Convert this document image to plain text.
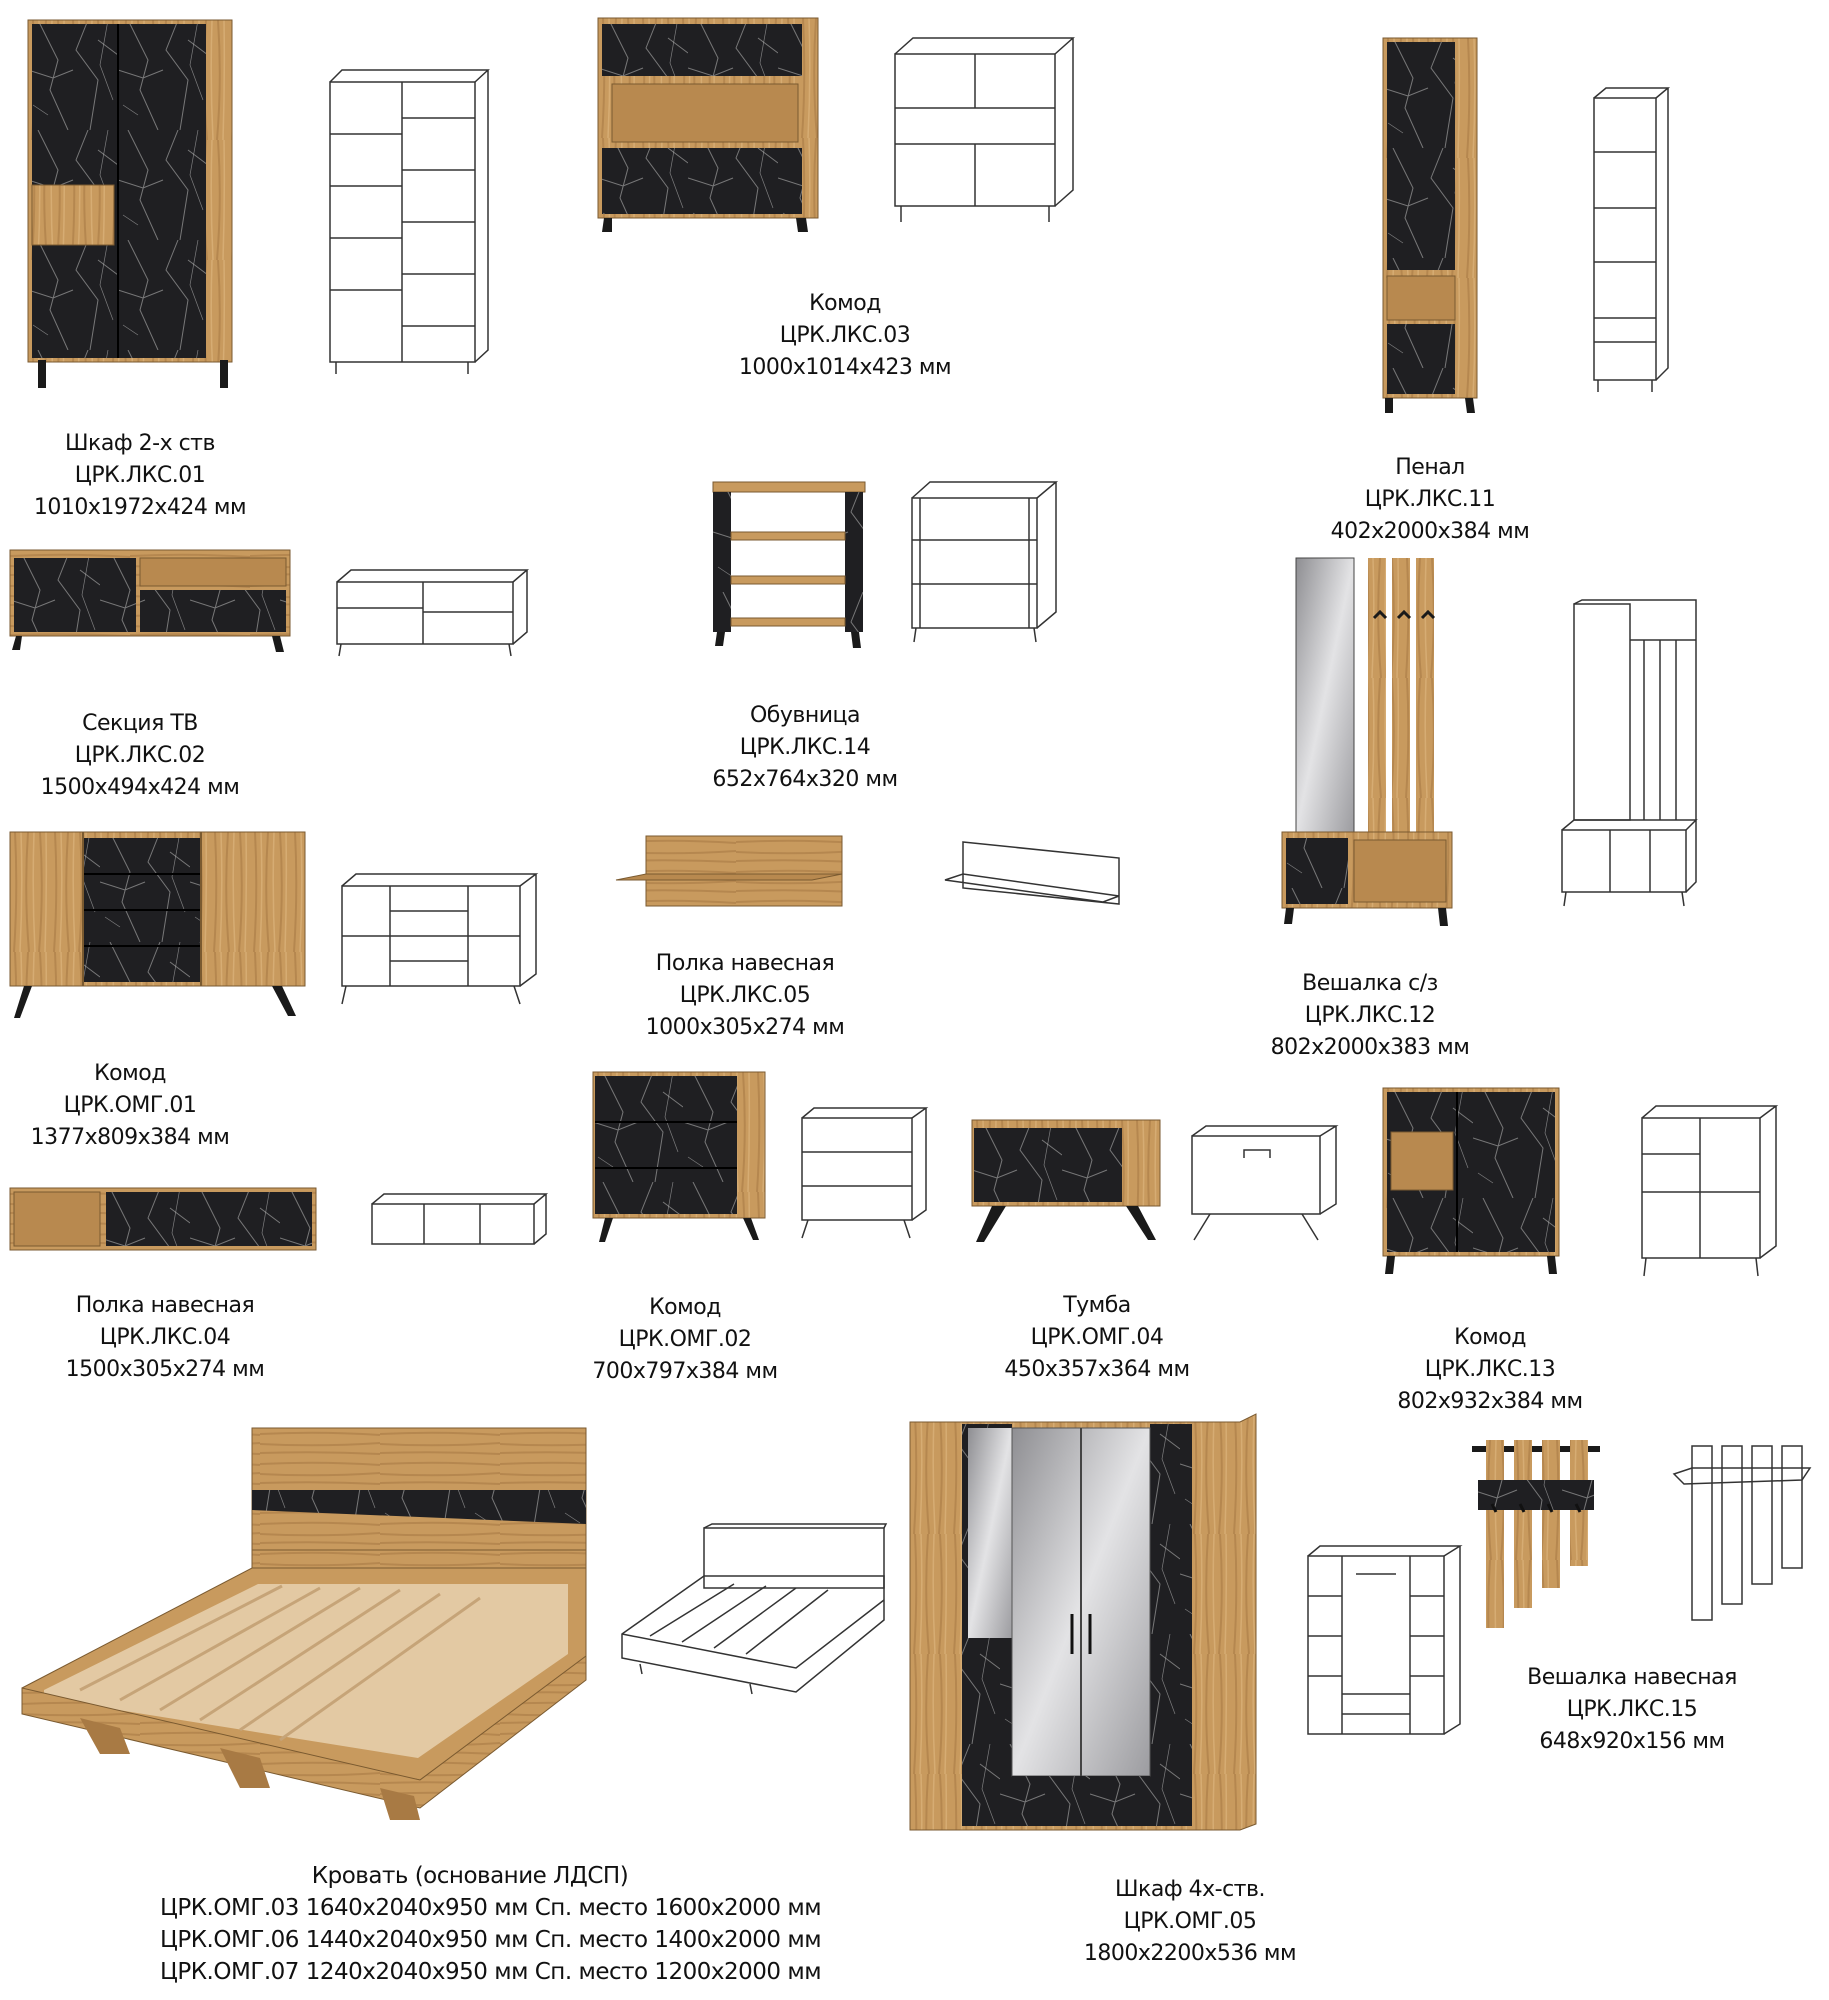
Шкаф 2-х ств
ЦРК.ЛКС.01
1010x1972x424 мм
Комод
ЦРК.ЛКС.03
1000x1014x423 мм
Пенал
ЦРК.ЛКС.11
402x2000x384 мм
Секция ТВ
ЦРК.ЛКС.02
1500x494x424 мм
Обувница
ЦРК.ЛКС.14
652x764x320 мм
Вешалка с/з
ЦРК.ЛКС.12
802x2000x383 мм
Комод
ЦРК.ОМГ.01
1377x809x384 мм
Полка навесная
ЦРК.ЛКС.05
1000x305x274 мм
Полка навесная
ЦРК.ЛКС.04
1500x305x274 мм
Комод
ЦРК.ОМГ.02
700x797x384 мм
Тумба
ЦРК.ОМГ.04
450x357x364 мм
Комод
ЦРК.ЛКС.13
802x932x384 мм
Кровать (основание ЛДСП)
ЦРК.ОМГ.03 1640x2040x950 мм Сп. место 1600x2000 мм
ЦРК.ОМГ.06 1440x2040x950 мм Сп. место 1400x2000 мм
ЦРК.ОМГ.07 1240x2040x950 мм Сп. место 1200x2000 мм
Шкаф 4х-ств.
ЦРК.ОМГ.05
1800x2200x536 мм
Вешалка навесная
ЦРК.ЛКС.15
648x920x156 мм
